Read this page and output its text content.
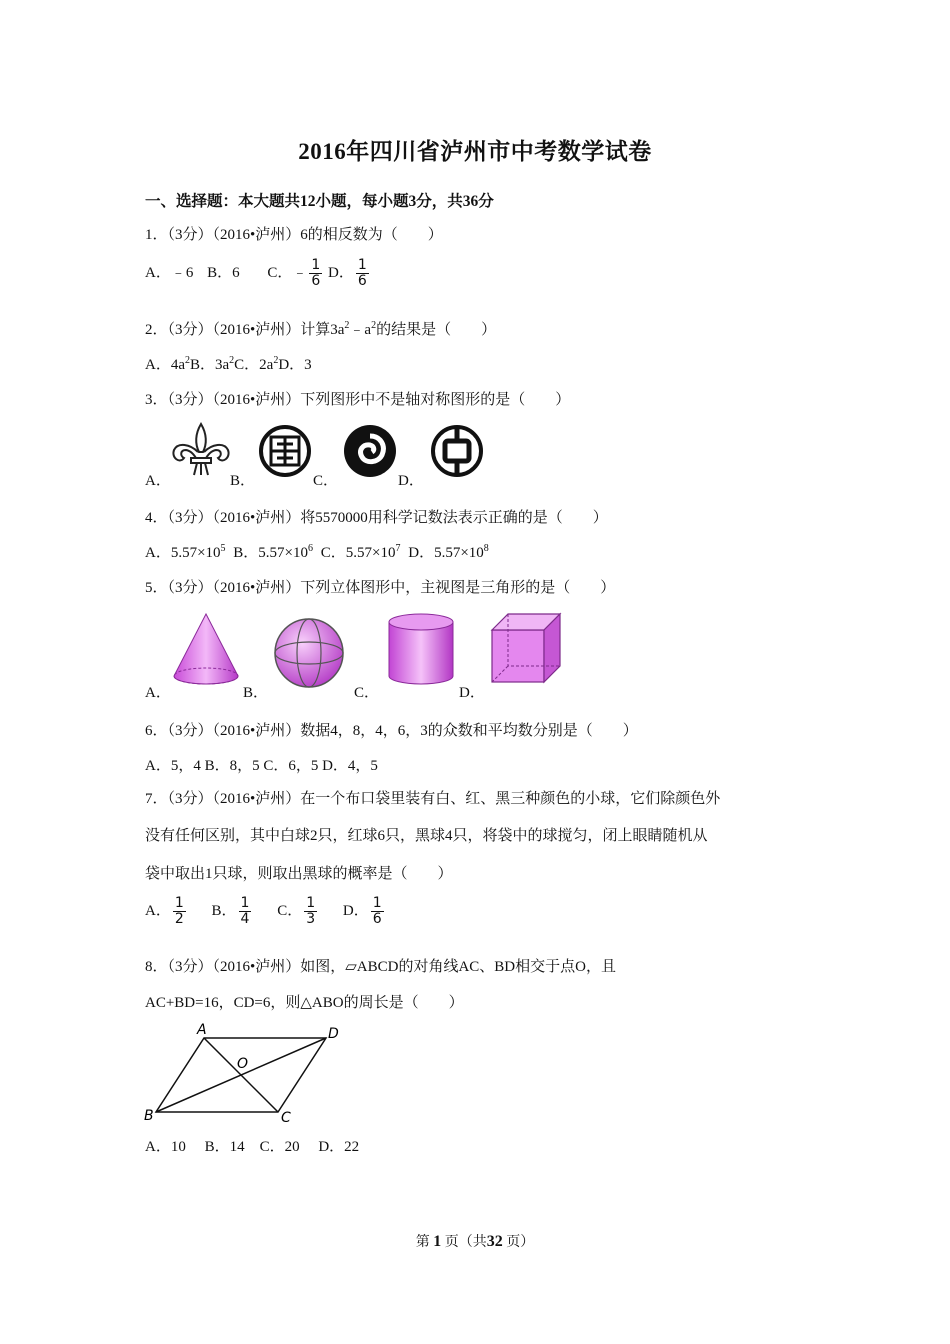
2016年四川省泸州市中考数学试卷
一、选择题：本大题共12小题，每小题3分，共36分
1．（3分）（2016•泸州）6的相反数为（　　）
A．﹣6 B．6 C．﹣ $\frac{1}{6}$ D． $\frac{1}{6}$
2．（3分）（2016•泸州）计算$3a^2﹣a^2$的结果是（　　）
A．$4a^2B$．$3a^2C$．$2a^2D$．3
3．（3分）（2016•泸州）下列图形中不是轴对称图形的是（　　）
A．	B．	C．	D．
4．（3分）（2016•泸州）将5570000用科学记数法表示正确的是（　　）
A．$5.57\times 10^5$ B．$5.57\times 10^6$ C．$5.57\times 10^7$ D．$5.57\times 10^8$
5．（3分）（2016•泸州）下列立体图形中，主视图是三角形的是（　　）
A．	B．	C．	D．
6．（3分）（2016•泸州）数据4，8，4，6，3的众数和平均数分别是（　　）
A．5，4 B．8，5 C．6，5 D．4，5
7．（3分）（2016•泸州）在一个布口袋里装有白、红、黑三种颜色的小球，它们除颜色外
没有任何区别，其中白球2只，红球6只，黑球4只，将袋中的球搅匀，闭上眼睛随机从
袋中取出1只球，则取出黑球的概率是（　　）
A． $\frac{1}{2}$ B． $\frac{1}{4}$ C． $\frac{1}{3}$ D． $\frac{1}{6}$
8．（3分）（2016•泸州）如图，▱ABCD的对角线AC、BD相交于点O，且
AC+BD=16，CD=6，则△ABO的周长是（　　）
A	D
O
B	C
A．10　 B．14　C．20　 D．22
第 1 页（共32 页）
